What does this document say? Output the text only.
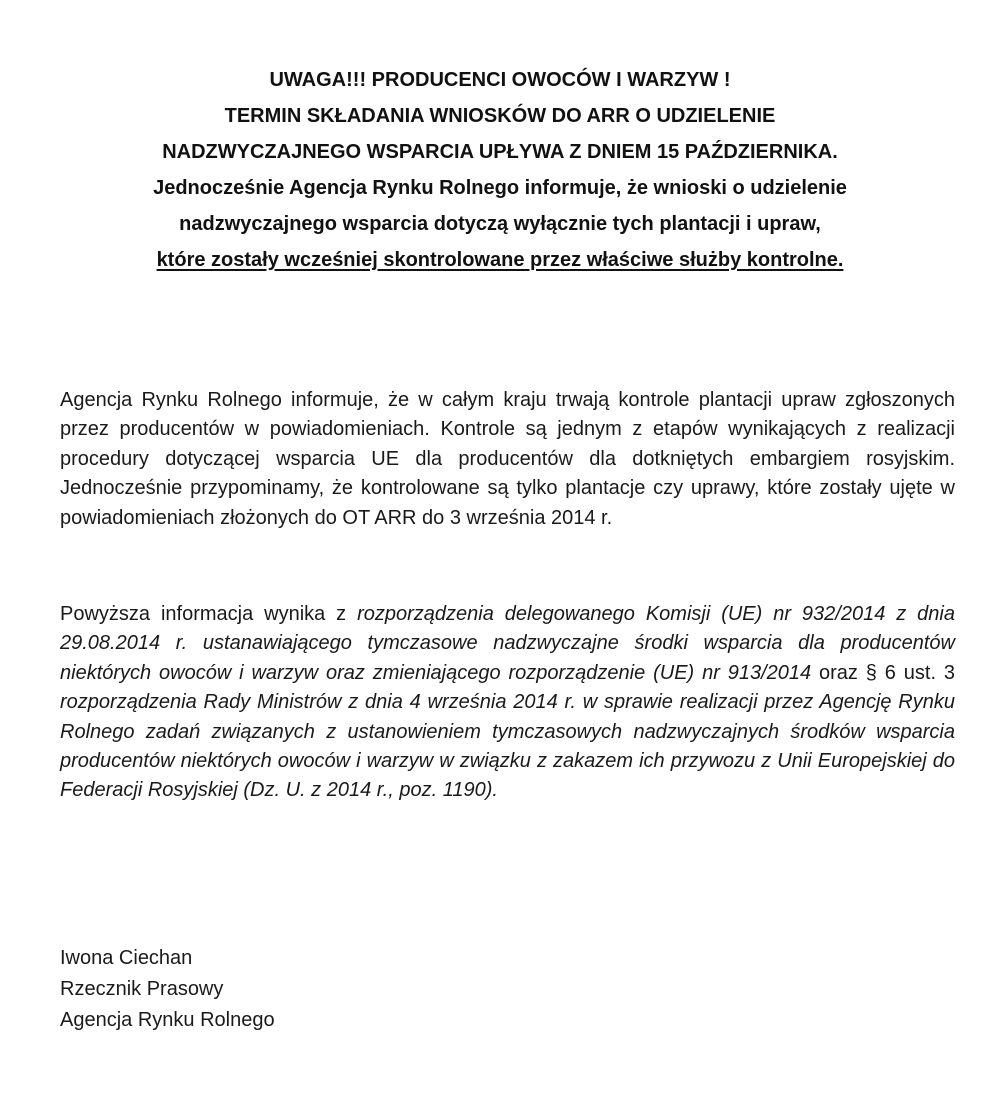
UWAGA!!! PRODUCENCI OWOCÓW I WARZYW !
TERMIN SKŁADANIA WNIOSKÓW DO ARR O UDZIELENIE
NADZWYCZAJNEGO WSPARCIA UPŁYWA Z DNIEM 15 PAŹDZIERNIKA.
Jednocześnie Agencja Rynku Rolnego informuje, że wnioski o udzielenie
nadzwyczajnego wsparcia dotyczą wyłącznie tych plantacji i upraw,
które zostały wcześniej skontrolowane przez właściwe służby kontrolne.

Agencja Rynku Rolnego informuje, że w całym kraju trwają kontrole plantacji upraw zgłoszonych przez producentów w powiadomieniach. Kontrole są jednym z etapów wynikających z realizacji procedury dotyczącej wsparcia UE dla producentów dla dotkniętych embargiem rosyjskim. Jednocześnie przypominamy, że kontrolowane są tylko plantacje czy uprawy, które zostały ujęte w powiadomieniach złożonych do OT ARR do 3 września 2014 r.

Powyższa informacja wynika z rozporządzenia delegowanego Komisji (UE) nr 932/2014 z dnia 29.08.2014 r. ustanawiającego tymczasowe nadzwyczajne środki wsparcia dla producentów niektórych owoców i warzyw oraz zmieniającego rozporządzenie (UE) nr 913/2014 oraz § 6 ust. 3 rozporządzenia Rady Ministrów z dnia 4 września 2014 r. w sprawie realizacji przez Agencję Rynku Rolnego zadań związanych z ustanowieniem tymczasowych nadzwyczajnych środków wsparcia producentów niektórych owoców i warzyw w związku z zakazem ich przywozu z Unii Europejskiej do Federacji Rosyjskiej (Dz. U. z 2014 r., poz. 1190).

Iwona Ciechan
Rzecznik Prasowy
Agencja Rynku Rolnego
